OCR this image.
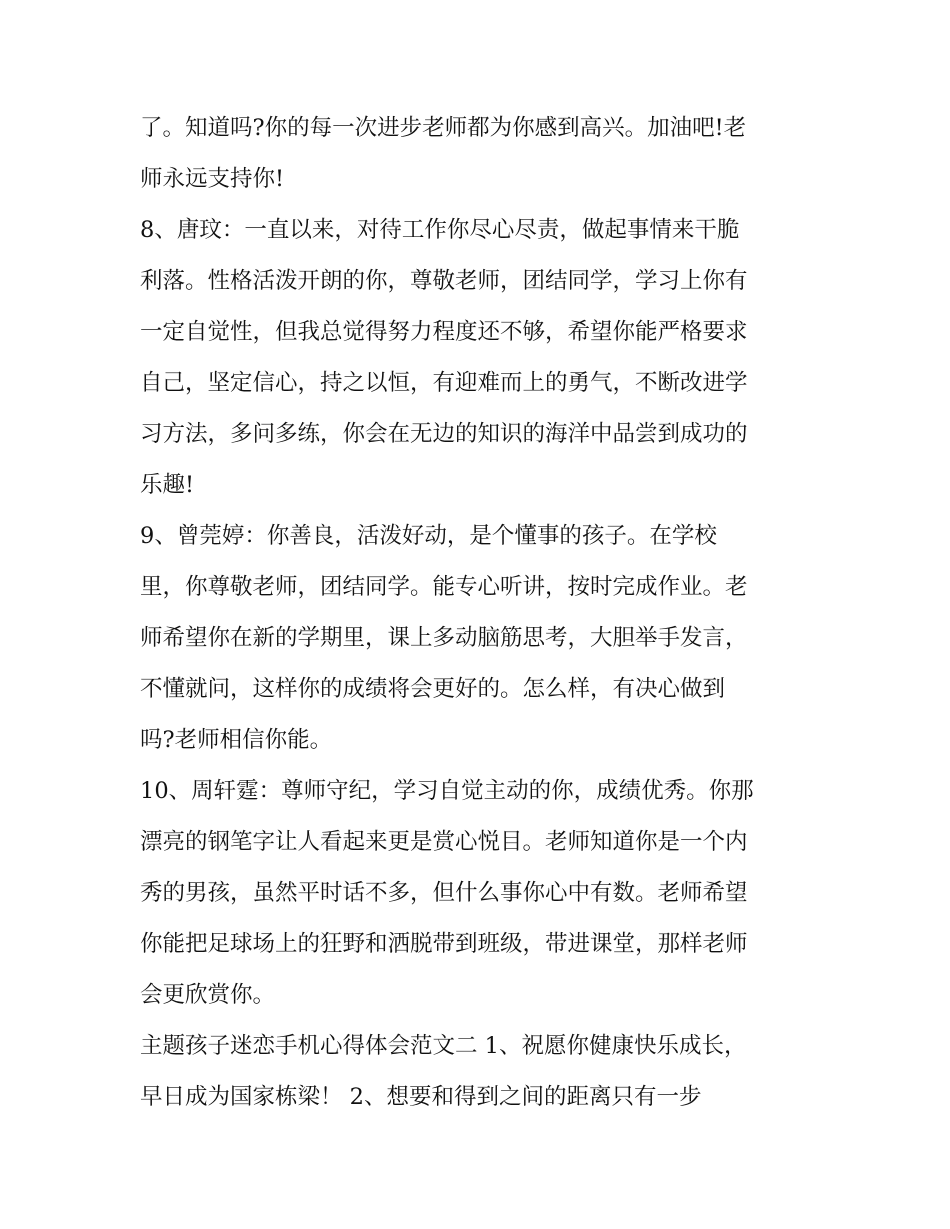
了。知道吗?你的每一次进步老师都为你感到高兴。加油吧!老
师永远支持你!
8、唐玟：一直以来，对待工作你尽心尽责，做起事情来干脆
利落。性格活泼开朗的你，尊敬老师，团结同学，学习上你有
一定自觉性，但我总觉得努力程度还不够，希望你能严格要求
自己，坚定信心，持之以恒，有迎难而上的勇气，不断改进学
习方法，多问多练，你会在无边的知识的海洋中品尝到成功的
乐趣!
9、曾莞婷：你善良，活泼好动，是个懂事的孩子。在学校
里，你尊敬老师，团结同学。能专心听讲，按时完成作业。老
师希望你在新的学期里，课上多动脑筋思考，大胆举手发言，
不懂就问，这样你的成绩将会更好的。怎么样，有决心做到
吗?老师相信你能。
10、周轩霆：尊师守纪，学习自觉主动的你，成绩优秀。你那
漂亮的钢笔字让人看起来更是赏心悦目。老师知道你是一个内
秀的男孩，虽然平时话不多，但什么事你心中有数。老师希望
你能把足球场上的狂野和洒脱带到班级，带进课堂，那样老师
会更欣赏你。
主题孩子迷恋手机心得体会范文二 1、祝愿你健康快乐成长，
早日成为国家栋梁！ 2、想要和得到之间的距离只有一步
